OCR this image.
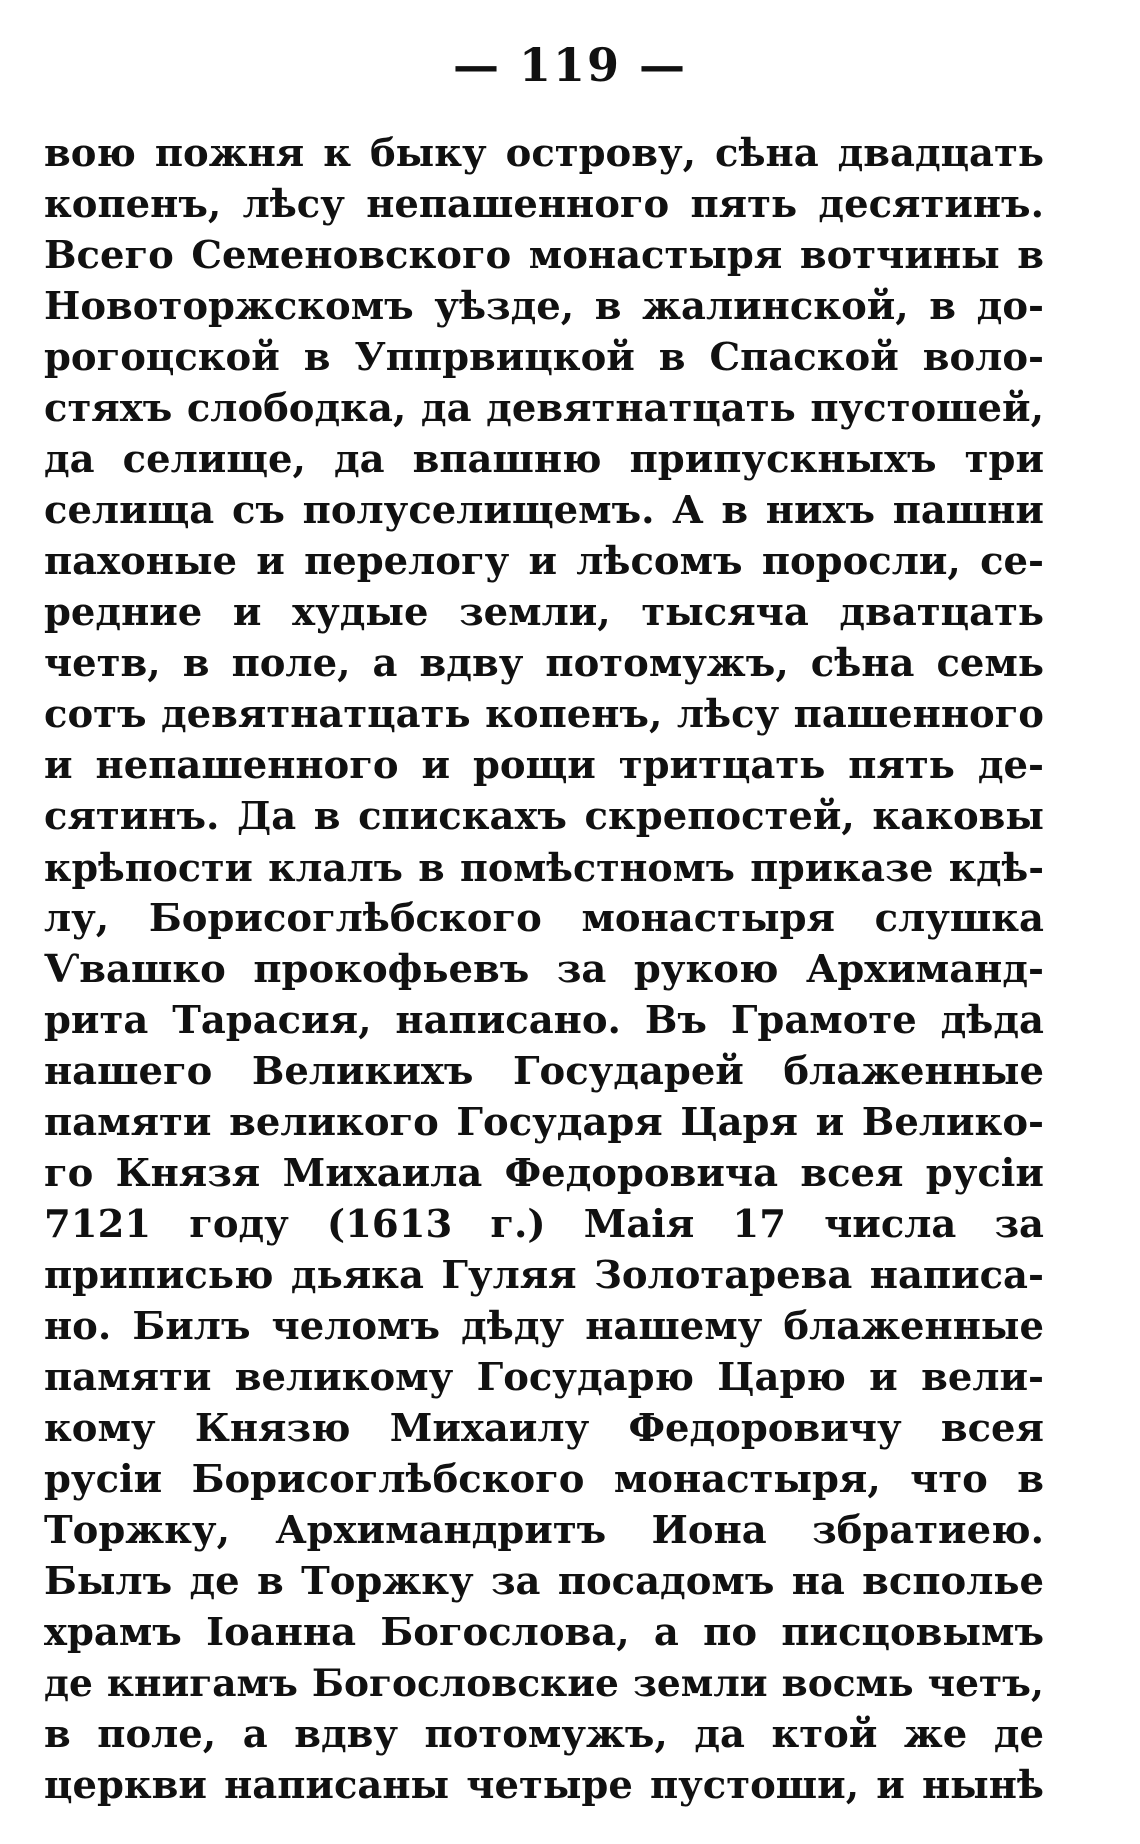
— 119 —
вою пожня к быку острову, сѣна двадцать
копенъ, лѣсу непашенного пять десятинъ.
Всего Семеновского монастыря вотчины в
Новоторжскомъ уѣзде, в жалинской, в до-
рогоцской в Уппрвицкой в Спаской воло-
стяхъ слободка, да девятнатцать пустошей,
да селище, да впашню припускныхъ три
селища съ полуселищемъ. А в нихъ пашни
пахоные и перелогу и лѣсомъ поросли, се-
редние и худые земли, тысяча дватцать
четв, в поле, а вдву потомужъ, сѣна семь
сотъ девятнатцать копенъ, лѣсу пашенного
и непашенного и рощи тритцать пять де-
сятинъ. Да в спискахъ скрепостей, каковы
крѣпости клалъ в помѣстномъ приказе кдѣ-
лу, Борисоглѣбского монастыря слушка
Ѵвашко прокофьевъ за рукою Архиманд-
рита Тарасия, написано. Въ Грамоте дѣда
нашего Великихъ Государей блаженные
памяти великого Государя Царя и Велико-
го Князя Михаила Федоровича всея русіи
7121 году (1613 г.) Маія 17 числа за
приписью дьяка Гуляя Золотарева написа-
но. Билъ челомъ дѣду нашему блаженные
памяти великому Государю Царю и вели-
кому Князю Михаилу Федоровичу всея
русіи Борисоглѣбского монастыря, что в
Торжку, Архимандритъ Иона збратиею.
Былъ де в Торжку за посадомъ на всполье
храмъ Іоанна Богослова, а по писцовымъ
де книгамъ Богословские земли восмь четъ,
в поле, а вдву потомужъ, да ктой же де
церкви написаны четыре пустоши, и нынѣ
